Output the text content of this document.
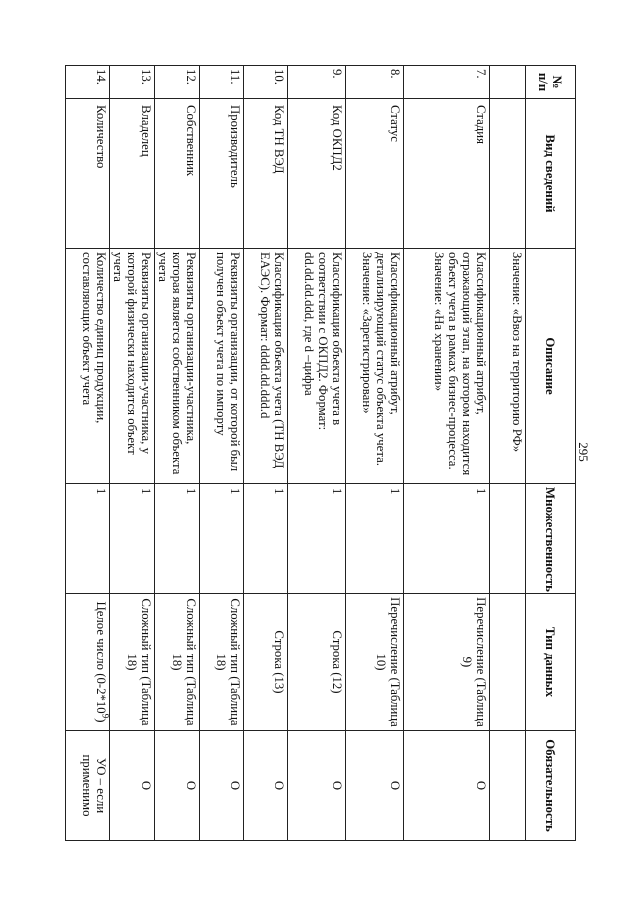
295
№
п/п	Вид сведений	Описание	Множественность	Тип данных	Обязательность
		Значение: «Ввоз на территорию РФ»			
7.	Стадия	Классификационный атрибут, отражающий этап, на котором находится объект учета в рамках бизнес-процесса.
Значение: «На хранении»	1	Перечисление (Таблица 9)	О
8.	Статус	Классификационный атрибут, детализирующий статус объекта учета.
Значение: «Зарегистрирован»	1	Перечисление (Таблица 10)	О
9.	Код ОКПД2	Классификация объекта учета в соответствии с ОКПД2. Формат: dd.dd.dd.ddd, где d –цифра	1	Строка (12)	О
10.	Код ТН ВЭД	Классификация объекта учета (ТН ВЭД ЕАЭС). Формат: dddd.dd.ddd.d	1	Строка (13)	О
11.	Производитель	Реквизиты организации, от которой был получен объект учета по импорту	1	Сложный тип (Таблица 18)	О
12.	Собственник	Реквизиты организации-участника, которая является собственником объекта учета	1	Сложный тип (Таблица 18)	О
13.	Владелец	Реквизиты организации-участника, у которой физически находится объект учета	1	Сложный тип (Таблица 18)	О
14.	Количество	Количество единиц продукции, составляющих объект учета	1	Целое число $(0-2*10^9)$	УО – если применимо
